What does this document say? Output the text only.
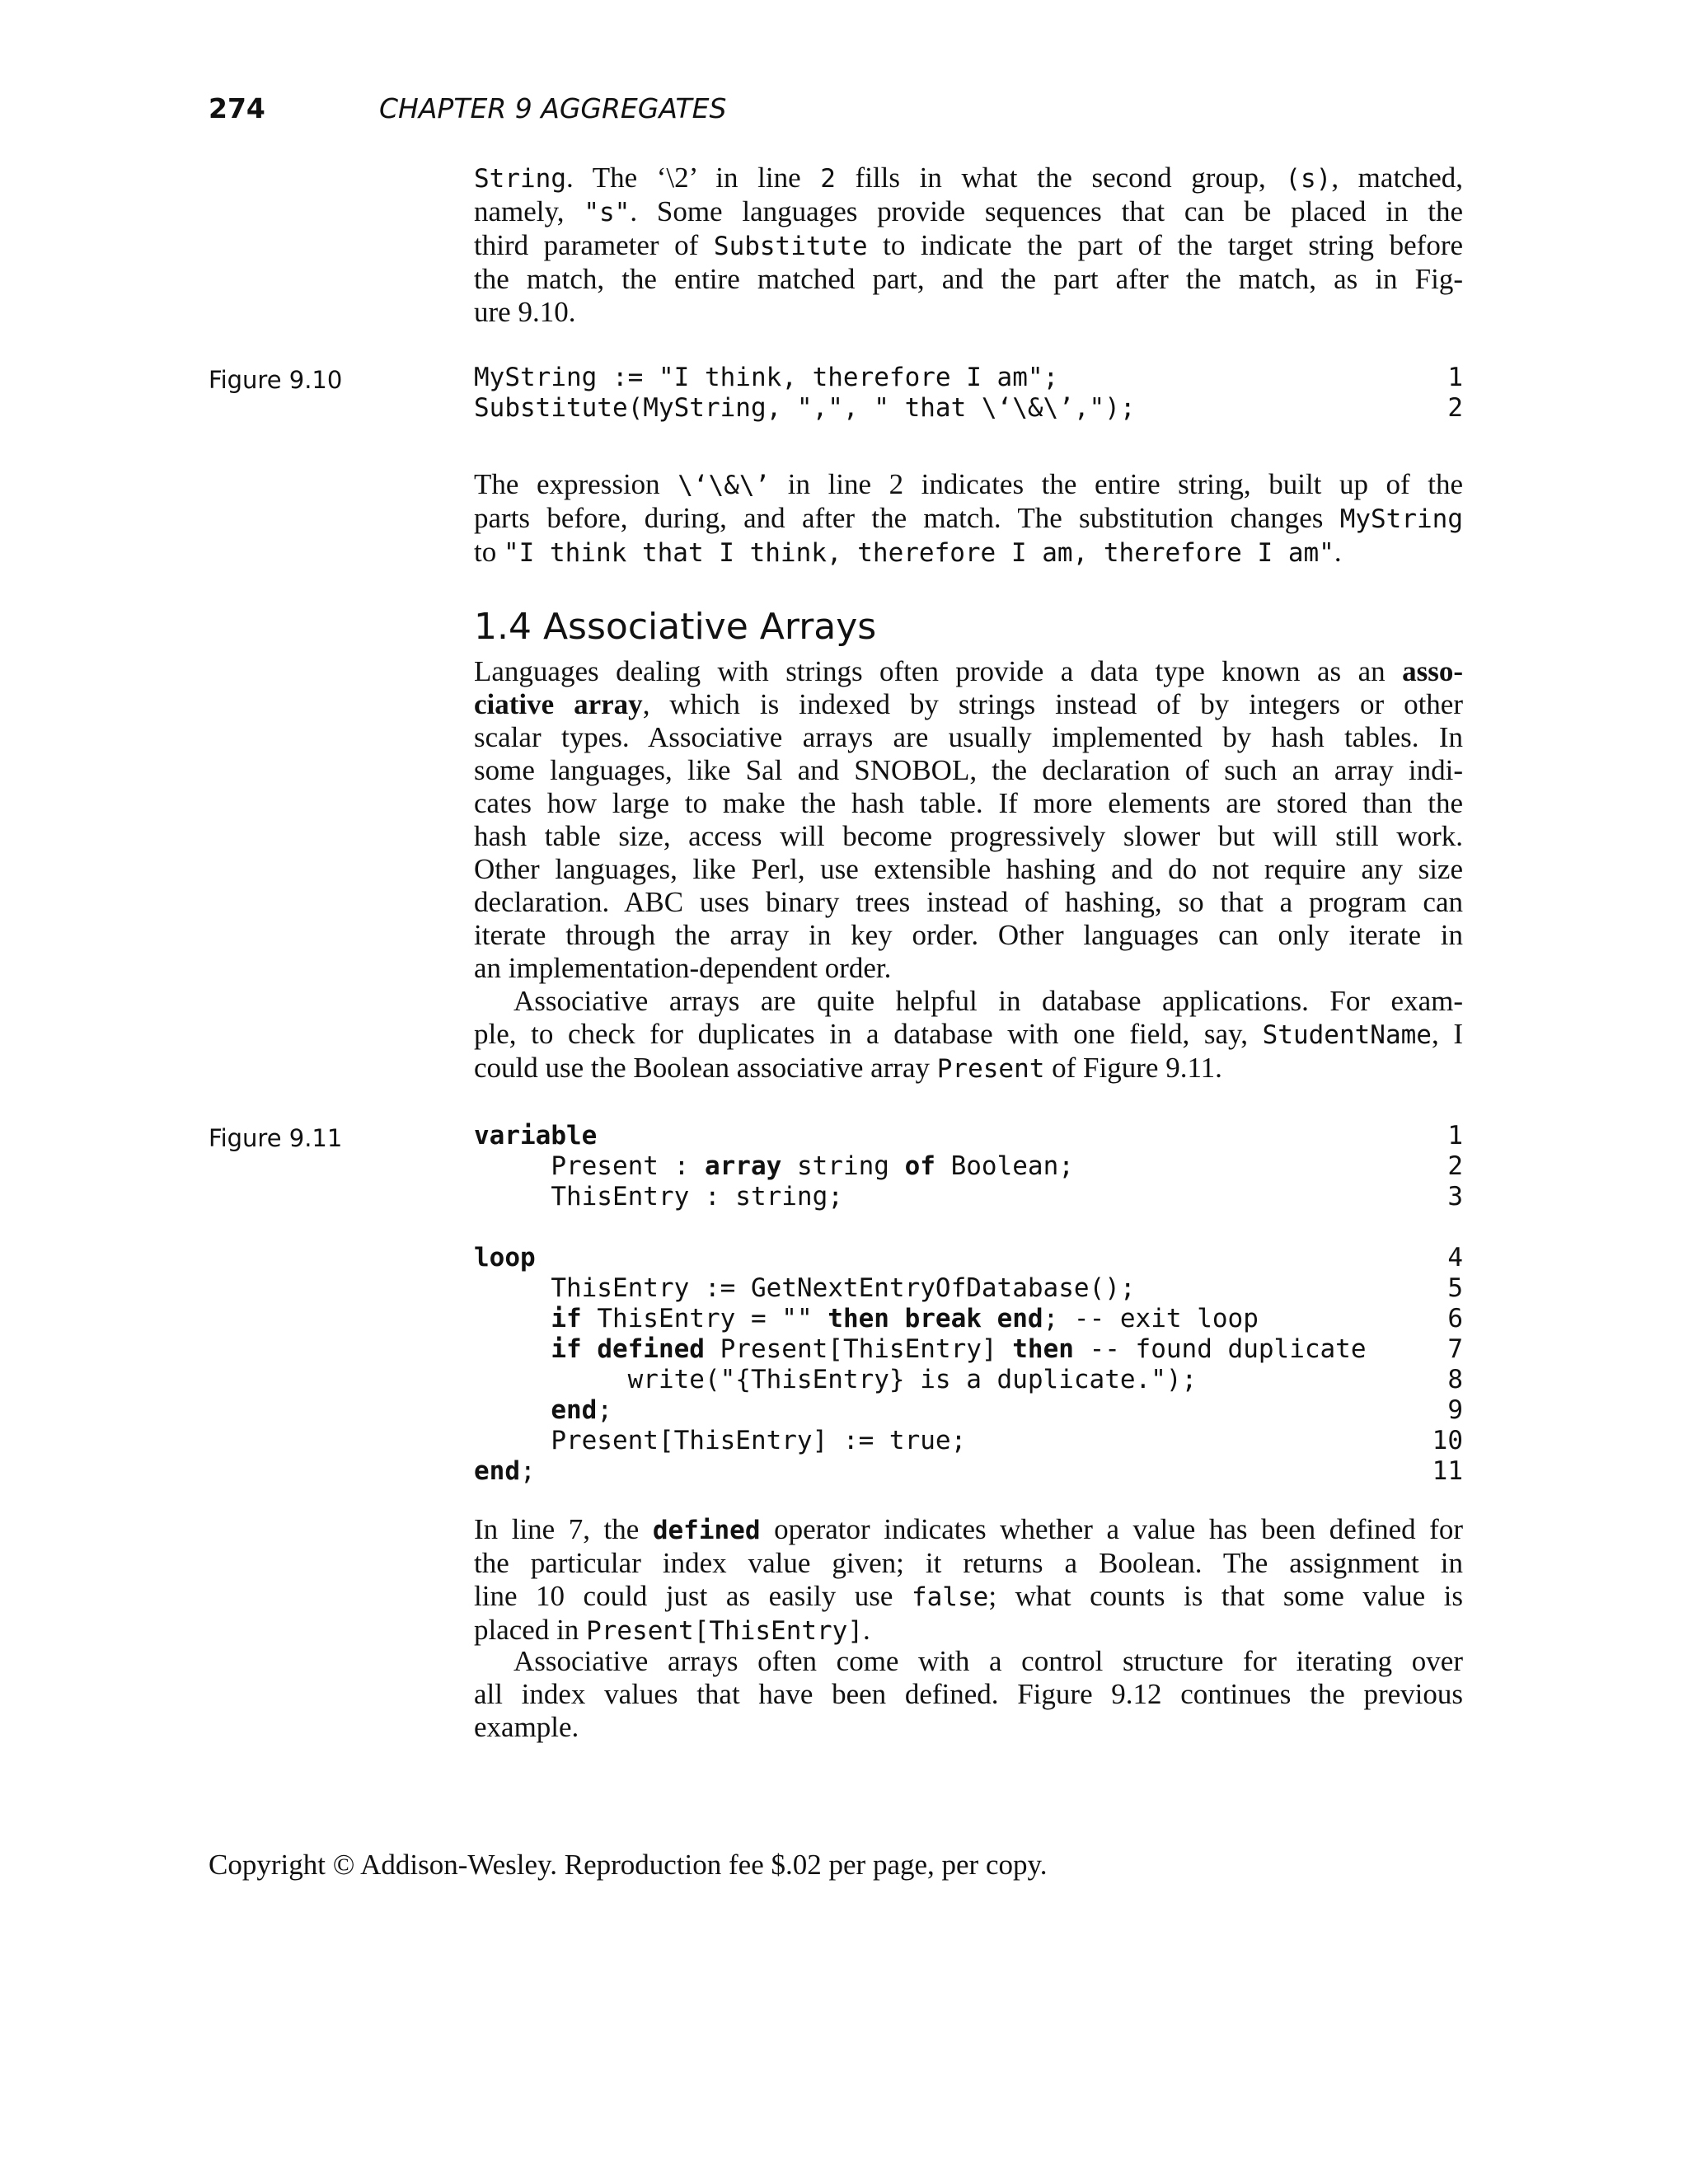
274	CHAPTER 9 AGGREGATES
String. The ‘\2’ in line 2 fills in what the second group, (s), matched,
namely, "s". Some languages provide sequences that can be placed in the
third parameter of Substitute to indicate the part of the target string before
the match, the entire matched part, and the part after the match, as in Fig-
ure 9.10.
Figure 9.10	MyString := "I think, therefore I am";	1
Substitute(MyString, ",", " that \‘\&\’,");	2
The expression \‘\&\’ in line 2 indicates the entire string, built up of the
parts before, during, and after the match. The substitution changes MyString
to "I think that I think, therefore I am, therefore I am".
1.4 Associative Arrays
Languages dealing with strings often provide a data type known as an asso-
ciative array, which is indexed by strings instead of by integers or other
scalar types. Associative arrays are usually implemented by hash tables. In
some languages, like Sal and SNOBOL, the declaration of such an array indi-
cates how large to make the hash table. If more elements are stored than the
hash table size, access will become progressively slower but will still work.
Other languages, like Perl, use extensible hashing and do not require any size
declaration. ABC uses binary trees instead of hashing, so that a program can
iterate through the array in key order. Other languages can only iterate in
an implementation-dependent order.
Associative arrays are quite helpful in database applications. For exam-
ple, to check for duplicates in a database with one field, say, StudentName, I
could use the Boolean associative array Present of Figure 9.11.
Figure 9.11	variable	1
Present : array string of Boolean;	2
ThisEntry : string;	3
loop	4
ThisEntry := GetNextEntryOfDatabase();	5
if ThisEntry = "" then break end; -- exit loop	6
if defined Present[ThisEntry] then -- found duplicate	7
write("{ThisEntry} is a duplicate.");	8
end;	9
Present[ThisEntry] := true;	10
end;	11
In line 7, the defined operator indicates whether a value has been defined for
the particular index value given; it returns a Boolean. The assignment in
line 10 could just as easily use false; what counts is that some value is
placed in Present[ThisEntry].
Associative arrays often come with a control structure for iterating over
all index values that have been defined. Figure 9.12 continues the previous
example.
Copyright © Addison-Wesley. Reproduction fee $.02 per page, per copy.
